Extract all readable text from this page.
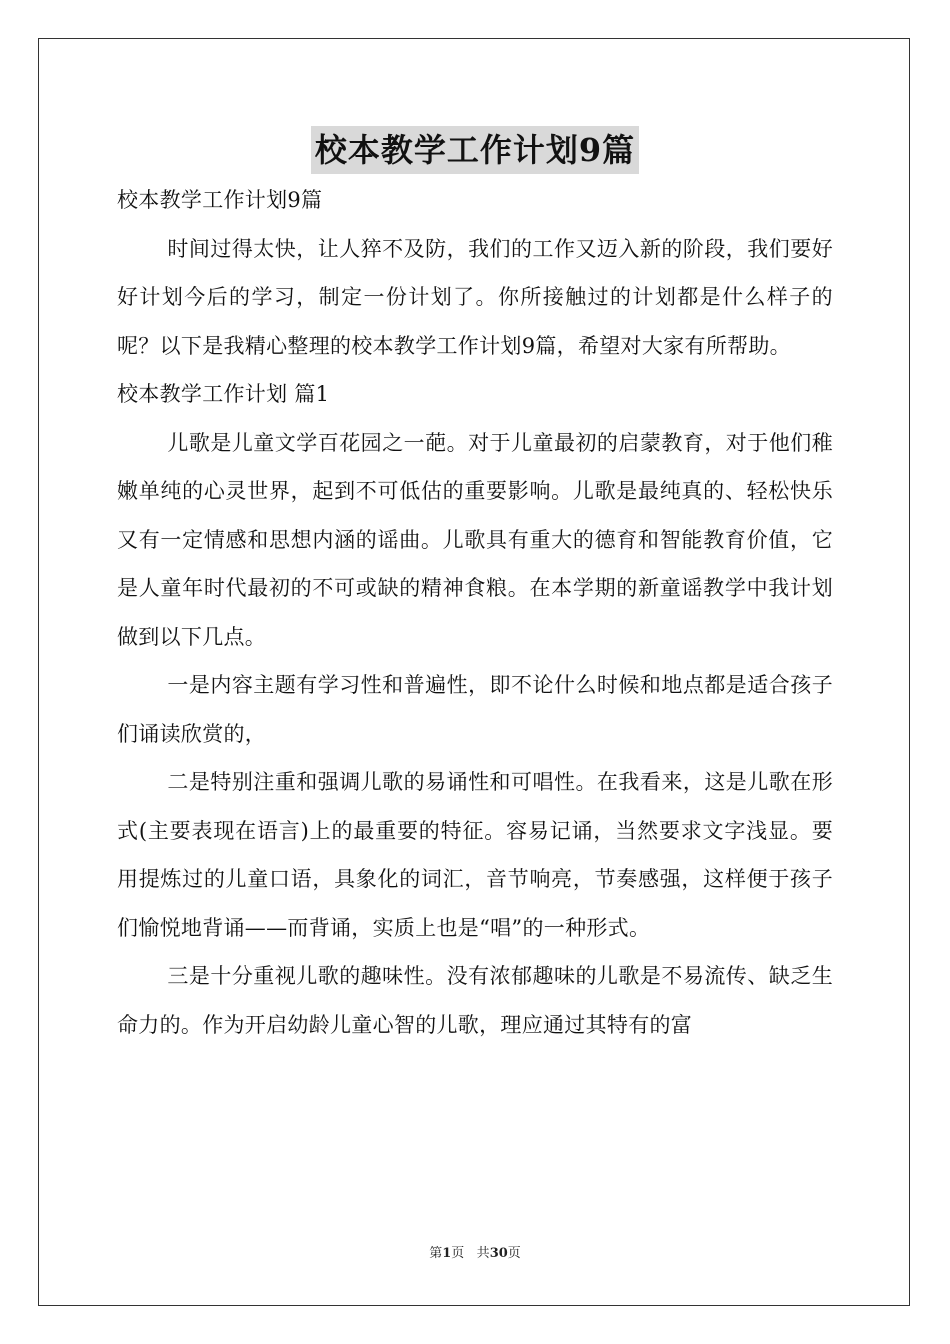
校本教学工作计划9篇

校本教学工作计划9篇

时间过得太快，让人猝不及防，我们的工作又迈入新的阶段，我们要好好计划今后的学习，制定一份计划了。你所接触过的计划都是什么样子的呢？以下是我精心整理的校本教学工作计划9篇，希望对大家有所帮助。

校本教学工作计划 篇1

儿歌是儿童文学百花园之一葩。对于儿童最初的启蒙教育，对于他们稚嫩单纯的心灵世界，起到不可低估的重要影响。儿歌是最纯真的、轻松快乐又有一定情感和思想内涵的谣曲。儿歌具有重大的德育和智能教育价值，它是人童年时代最初的不可或缺的精神食粮。在本学期的新童谣教学中我计划做到以下几点。

一是内容主题有学习性和普遍性，即不论什么时候和地点都是适合孩子们诵读欣赏的，

二是特别注重和强调儿歌的易诵性和可唱性。在我看来，这是儿歌在形式(主要表现在语言)上的最重要的特征。容易记诵，当然要求文字浅显。要用提炼过的儿童口语，具象化的词汇，音节响亮，节奏感强，这样便于孩子们愉悦地背诵——而背诵，实质上也是“唱”的一种形式。

三是十分重视儿歌的趣味性。没有浓郁趣味的儿歌是不易流传、缺乏生命力的。作为开启幼龄儿童心智的儿歌，理应通过其特有的富

第1页 共30页
